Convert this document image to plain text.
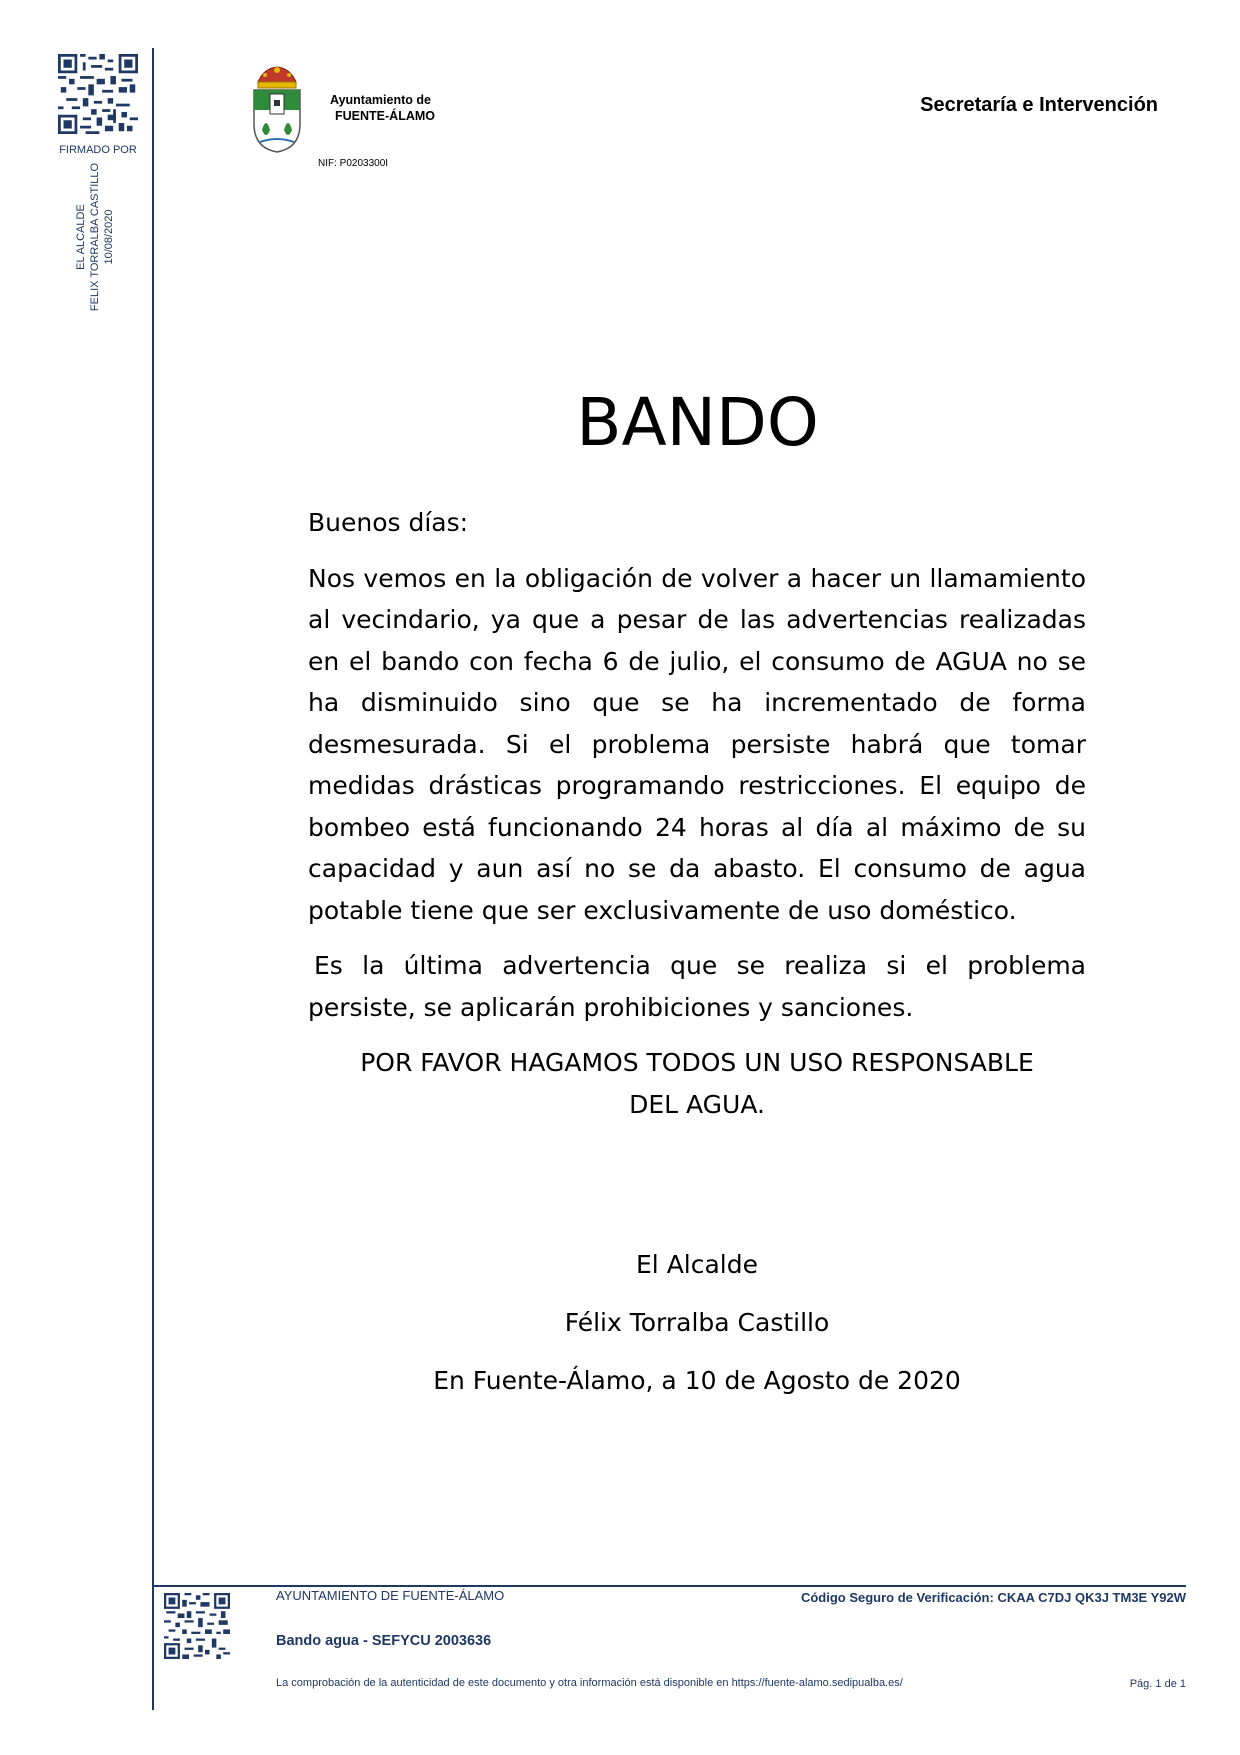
FIRMADO POR
EL ALCALDE FELIX TORRALBA CASTILLO 10/08/2020
Ayuntamiento de
FUENTE-ÁLAMO
NIF: P0203300I
Secretaría e Intervención
BANDO

Buenos días:

Nos vemos en la obligación de volver a hacer un llamamiento al vecindario, ya que a pesar de las advertencias realizadas en el bando con fecha 6 de julio, el consumo de AGUA no se ha disminuido sino que se ha incrementado de forma desmesurada. Si el problema persiste habrá que tomar medidas drásticas programando restricciones. El equipo de bombeo está funcionando 24 horas al día al máximo de su capacidad y aun así no se da abasto. El consumo de agua potable tiene que ser exclusivamente de uso doméstico.

Es la última advertencia que se realiza si el problema persiste, se aplicarán prohibiciones y sanciones.

POR FAVOR HAGAMOS TODOS UN USO RESPONSABLE

DEL AGUA.

El Alcalde
Félix Torralba Castillo
En Fuente-Álamo, a 10 de Agosto de 2020
AYUNTAMIENTO DE FUENTE-ÁLAMO	Código Seguro de Verificación: CKAA C7DJ QK3J TM3E Y92W
Bando agua - SEFYCU 2003636
La comprobación de la autenticidad de este documento y otra información está disponible en https://fuente-alamo.sedipualba.es/	Pág. 1 de 1
